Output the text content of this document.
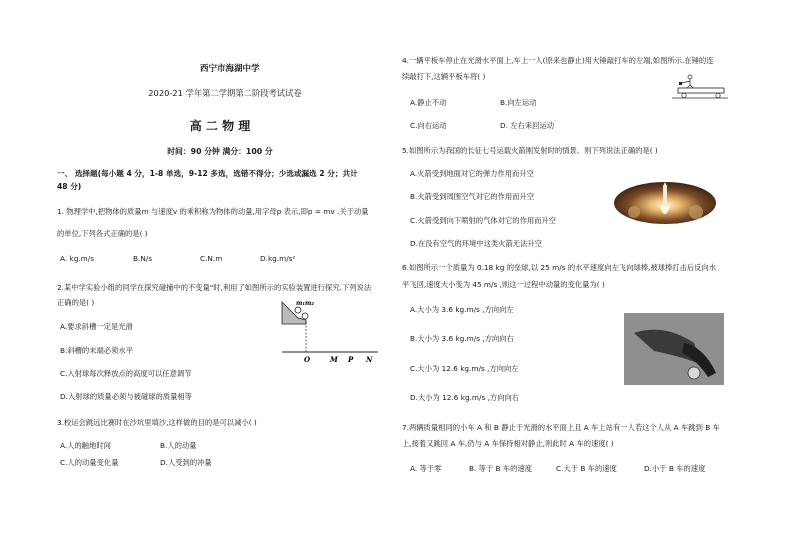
西宁市海湖中学
2020-21 学年第二学期第二阶段考试试卷
高 二 物 理
时间：90 分钟 满分：100 分
一、 选择题(每小题 4 分，1-8 单选，9-12 多选，选错不得分；少选或漏选 2 分；共计
48 分)
1. 物理学中,把物体的质量m 与速度v 的乘积称为物体的动量,用字母p 表示,即p = mv .关于动量
的单位,下列各式正确的是( )
A. kg.m/s	B.N/s	C.N.m	D.kg.m/s²
2.某中学实验小组的同学在探究碰撞中的不变量"时,利用了如图所示的实验装置进行探究.下列说法
正确的是( )
A.要求斜槽一定是光滑
B.斜槽的末端必须水平
C.入射球每次释放点的高度可以任意调节
D.入射球的质量必须与被碰球的质量相等
m₁m₂
O	M P N
3.校运会跳远比赛时在沙坑里填沙,这样做的目的是可以减小( )
A.人的触地时间	B.人的动量
C.人的动量变化量	D.人受到的冲量
4.一辆平板车停止在光滑水平面上,车上一人(原来也静止)用大锤敲打车的左端,如图所示.在锤的连
续敲打下,这辆平板车将( )
A.静止不动	B.向左运动
C.向右运动	D. 左右来回运动
5.如图所示为我国的长征七号运载火箭刚发射时的情景。则下列说法正确的是( )
A.火箭受到地面对它的弹力作用而升空
B.火箭受到周围空气对它的作用而升空
C.火箭受到向下喷射的气体对它的作用而升空
D.在没有空气的环境中这类火箭无法升空
6.如图所示一个质量为 0.18 kg 的垒球,以 25 m/s 的水平速度向左飞向球棒,被球棒打击后反向水
平飞回,速度大小变为 45 m/s ,则这一过程中动量的变化量为( )
A.大小为 3.6 kg.m/s ,方向向左
B.大小为 3.6 kg.m/s ,方向向右
C.大小为 12.6 kg.m/s ,方向向左
D.大小为 12.6 kg.m/s ,方向向右
7.两辆质量相同的小车 A 和 B 静止于光滑的水平面上且 A 车上站有一人若这个人从 A 车跳到 B 车
上,接着又跳回 A 车,仍与 A 车保持相对静止,则此时 A 车的速度( )
A. 等于零	B. 等于 B 车的速度	C.大于 B 车的速度	D.小于 B 车的速度
